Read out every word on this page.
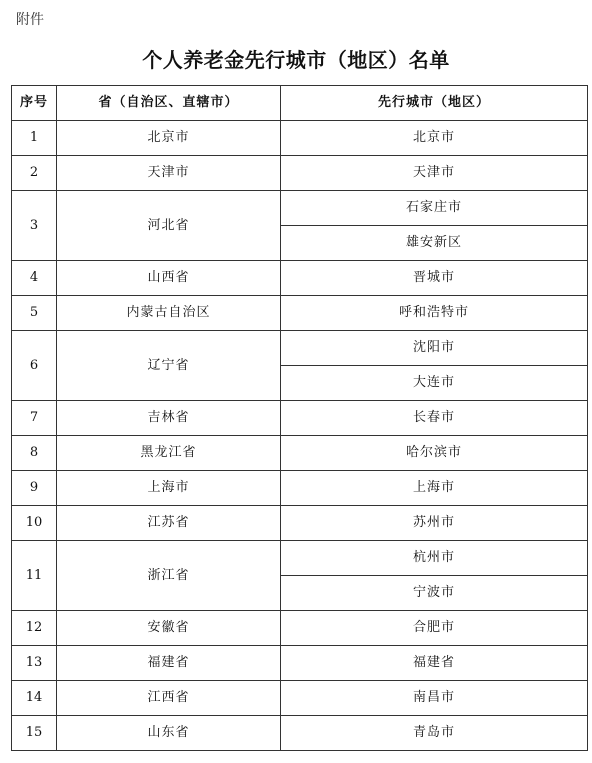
附件
个人养老金先行城市（地区）名单
序号	省（自治区、直辖市）	先行城市（地区）
1	北京市	北京市
2	天津市	天津市
3	河北省	石家庄市
		雄安新区
4	山西省	晋城市
5	内蒙古自治区	呼和浩特市
6	辽宁省	沈阳市
		大连市
7	吉林省	长春市
8	黑龙江省	哈尔滨市
9	上海市	上海市
10	江苏省	苏州市
11	浙江省	杭州市
		宁波市
12	安徽省	合肥市
13	福建省	福建省
14	江西省	南昌市
15	山东省	青岛市
